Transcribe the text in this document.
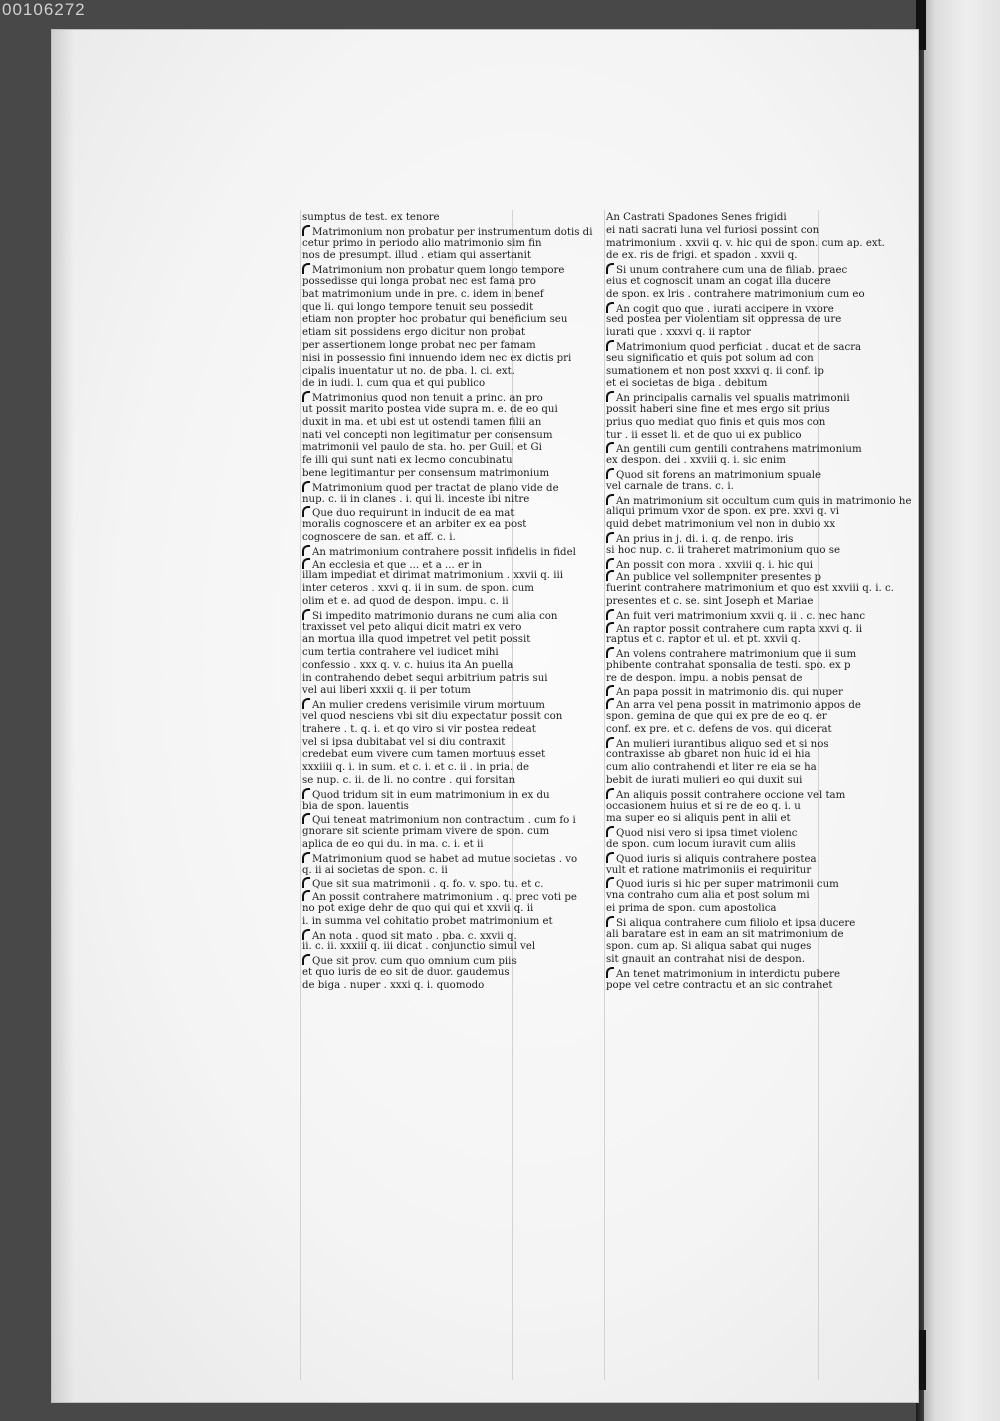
00106272
sumptus de test. ex tenore
Matrimonium non probatur per instrumentum dotis di
cetur primo in periodo alio matrimonio sim fin
nos de presumpt. illud . etiam qui assertanit
Matrimonium non probatur quem longo tempore
possedisse qui longa probat nec est fama pro
bat matrimonium unde in pre. c. idem in benef
que li. qui longo tempore tenuit seu possedit
etiam non propter hoc probatur qui beneficium seu
etiam sit possidens ergo dicitur non probat
per assertionem longe probat nec per famam
nisi in possessio fini innuendo idem nec ex dictis pri
cipalis inuentatur ut no. de pba. l. ci. ext.
de in iudi. l. cum qua et qui publico
Matrimonius quod non tenuit a princ. an pro
ut possit marito postea vide supra m. e. de eo qui
duxit in ma. et ubi est ut ostendi tamen filii an
nati vel concepti non legitimatur per consensum
matrimonii vel paulo de sta. ho. per Guil. et Gi
fe illi qui sunt nati ex lecmo concubinatu
bene legitimantur per consensum matrimonium
Matrimonium quod per tractat de plano vide de
nup. c. ii in clanes . i. qui li. inceste ibi nitre
Que duo requirunt in inducit de ea mat
moralis cognoscere et an arbiter ex ea post
cognoscere de san. et aff. c. i.
An matrimonium contrahere possit infidelis in fidel
An ecclesia et que ... et a ... er in
illam impediat et dirimat matrimonium . xxvii q. iii
inter ceteros . xxvi q. ii in sum. de spon. cum
olim et e. ad quod de despon. impu. c. ii
Si impedito matrimonio durans ne cum alia con
traxisset vel peto aliqui dicit matri ex vero
an mortua illa quod impetret vel petit possit
cum tertia contrahere vel iudicet mihi
confessio . xxx q. v. c. huius ita An puella
in contrahendo debet sequi arbitrium patris sui
vel aui liberi xxxii q. ii per totum
An mulier credens verisimile virum mortuum
vel quod nesciens vbi sit diu expectatur possit con
trahere . t. q. i. et qo viro si vir postea redeat
vel si ipsa dubitabat vel si diu contraxit
credebat eum vivere cum tamen mortuus esset
xxxiiii q. i. in sum. et c. i. et c. ii . in pria. de
se nup. c. ii. de li. no contre . qui forsitan
Quod tridum sit in eum matrimonium in ex du
bia de spon. lauentis
Qui teneat matrimonium non contractum . cum fo i
gnorare sit sciente primam vivere de spon. cum
aplica de eo qui du. in ma. c. i. et ii
Matrimonium quod se habet ad mutue societas . vo
q. ii ai societas de spon. c. ii
Que sit sua matrimonii . q. fo. v. spo. tu. et c.
An possit contrahere matrimonium . q. prec voti pe
no pot exige dehr de quo qui qui et xxvii q. ii
i. in summa vel cohitatio probet matrimonium et
An nota . quod sit mato . pba. c. xxvii q.
ii. c. ii. xxxiii q. iii dicat . conjunctio simul vel
Que sit prov. cum quo omnium cum piis
et quo iuris de eo sit de duor. gaudemus
de biga . nuper . xxxi q. i. quomodo
An Castrati Spadones Senes frigidi
ei nati sacrati luna vel furiosi possint con
matrimonium . xxvii q. v. hic qui de spon. cum ap. ext.
de ex. ris de frigi. et spadon . xxvii q.
Si unum contrahere cum una de filiab. praec
eius et cognoscit unam an cogat illa ducere
de spon. ex lris . contrahere matrimonium cum eo
An cogit quo que . iurati accipere in vxore
sed postea per violentiam sit oppressa de ure
iurati que . xxxvi q. ii raptor
Matrimonium quod perficiat . ducat et de sacra
seu significatio et quis pot solum ad con
sumationem et non post xxxvi q. ii conf. ip
et ei societas de biga . debitum
An principalis carnalis vel spualis matrimonii
possit haberi sine fine et mes ergo sit prius
prius quo mediat quo finis et quis mos con
tur . ii esset li. et de quo ui ex publico
An gentili cum gentili contrahens matrimonium
ex despon. dei . xxviii q. i. sic enim
Quod sit forens an matrimonium spuale
vel carnale de trans. c. i.
An matrimonium sit occultum cum quis in matrimonio he
aliqui primum vxor de spon. ex pre. xxvi q. vi
quid debet matrimonium vel non in dubio xx
An prius in j. di. i. q. de renpo. iris
si hoc nup. c. ii traheret matrimonium quo se
An possit con mora . xxviii q. i. hic qui
An publice vel sollempniter presentes p
fuerint contrahere matrimonium et quo est xxviii q. i. c.
presentes et c. se. sint Joseph et Mariae
An fuit veri matrimonium xxvii q. ii . c. nec hanc
An raptor possit contrahere cum rapta xxvi q. ii
raptus et c. raptor et ul. et pt. xxvii q.
An volens contrahere matrimonium que ii sum
phibente contrahat sponsalia de testi. spo. ex p
re de despon. impu. a nobis pensat de
An papa possit in matrimonio dis. qui nuper
An arra vel pena possit in matrimonio appos de
spon. gemina de que qui ex pre de eo q. er
conf. ex pre. et c. defens de vos. qui dicerat
An mulieri iurantibus aliquo sed et si nos
contraxisse ab gbaret non huic id ei hia
cum alio contrahendi et liter re eia se ha
bebit de iurati mulieri eo qui duxit sui
An aliquis possit contrahere occione vel tam
occasionem huius et si re de eo q. i. u
ma super eo si aliquis pent in alii et
Quod nisi vero si ipsa timet violenc
de spon. cum locum iuravit cum aliis
Quod iuris si aliquis contrahere postea
vult et ratione matrimoniis ei requiritur
Quod iuris si hic per super matrimonii cum
vna contraho cum alia et post solum mi
ei prima de spon. cum apostolica
Si aliqua contrahere cum filiolo et ipsa ducere
ali baratare est in eam an sit matrimonium de
spon. cum ap. Si aliqua sabat qui nuges
sit gnauit an contrahat nisi de despon.
An tenet matrimonium in interdictu pubere
pope vel cetre contractu et an sic contrahet
